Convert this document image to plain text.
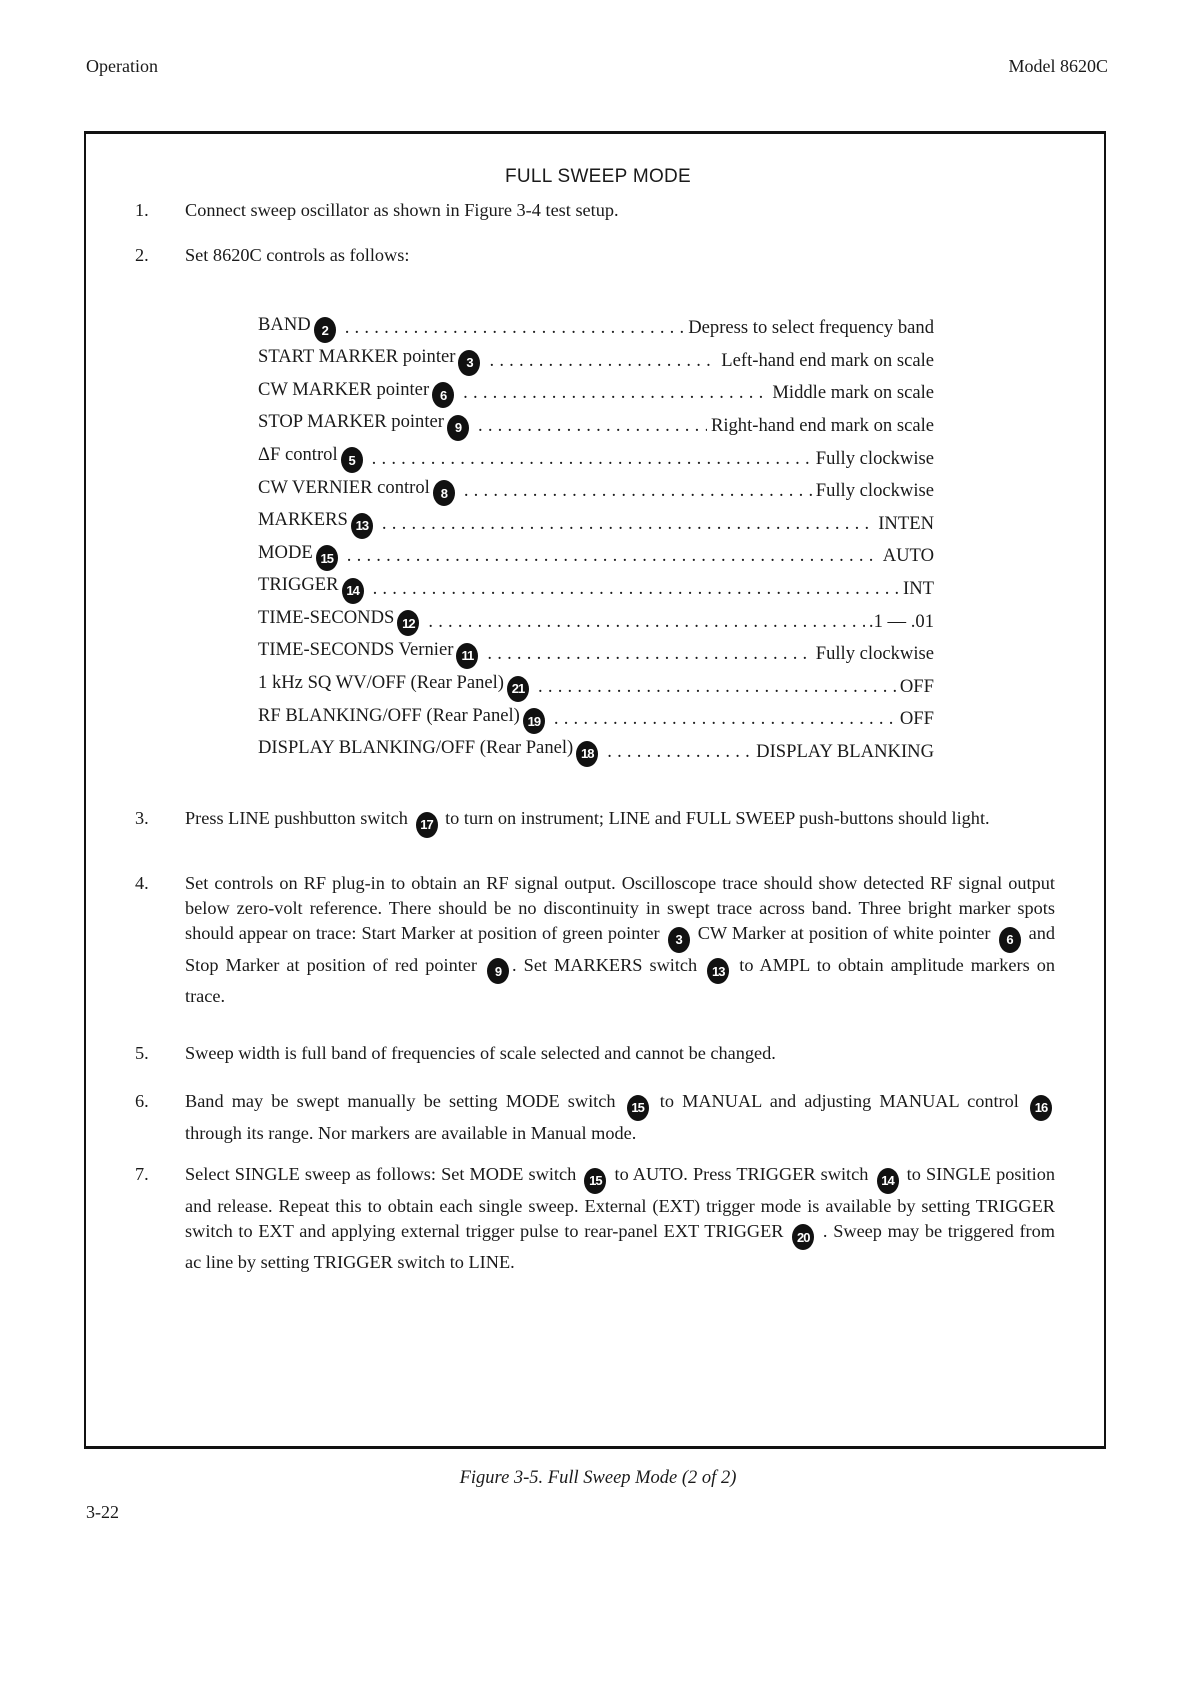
Operation	Model 8620C
FULL SWEEP MODE
1.	Connect sweep oscillator as shown in Figure 3-4 test setup.
2.	Set 8620C controls as follows:
BAND 2 .....	Depress to select frequency band
START MARKER pointer 3 .....	Left-hand end mark on scale
CW MARKER pointer 6 .....	Middle mark on scale
STOP MARKER pointer 9 .....	Right-hand end mark on scale
ΔF control 5 .....	Fully clockwise
CW VERNIER control 8 .....	Fully clockwise
MARKERS 13 .....	INTEN
MODE 15 .....	AUTO
TRIGGER 14 .....	INT
TIME-SECONDS 12 .....	.1 — .01
TIME-SECONDS Vernier 11 .....	Fully clockwise
1 kHz SQ WV/OFF (Rear Panel) 21 .....	OFF
RF BLANKING/OFF (Rear Panel) 19 .....	OFF
DISPLAY BLANKING/OFF (Rear Panel) 18 .....	DISPLAY BLANKING
3.	Press LINE pushbutton switch 17 to turn on instrument; LINE and FULL SWEEP push-buttons should light.
4.	Set controls on RF plug-in to obtain an RF signal output. Oscilloscope trace should show detected RF signal output below zero-volt reference. There should be no discontinuity in swept trace across band. Three bright marker spots should appear on trace: Start Marker at position of green pointer 3 CW Marker at position of white pointer 6 and Stop Marker at position of red pointer 9 . Set MARKERS switch 13 to AMPL to obtain amplitude markers on trace.
5.	Sweep width is full band of frequencies of scale selected and cannot be changed.
6.	Band may be swept manually be setting MODE switch 15 to MANUAL and adjusting MANUAL control 16 through its range. Nor markers are available in Manual mode.
7.	Select SINGLE sweep as follows: Set MODE switch 15 to AUTO. Press TRIGGER switch 14 to SINGLE position and release. Repeat this to obtain each single sweep. External (EXT) trigger mode is available by setting TRIGGER switch to EXT and applying external trigger pulse to rear-panel EXT TRIGGER 20 . Sweep may be triggered from ac line by setting TRIGGER switch to LINE.
Figure 3-5. Full Sweep Mode (2 of 2)
3-22
